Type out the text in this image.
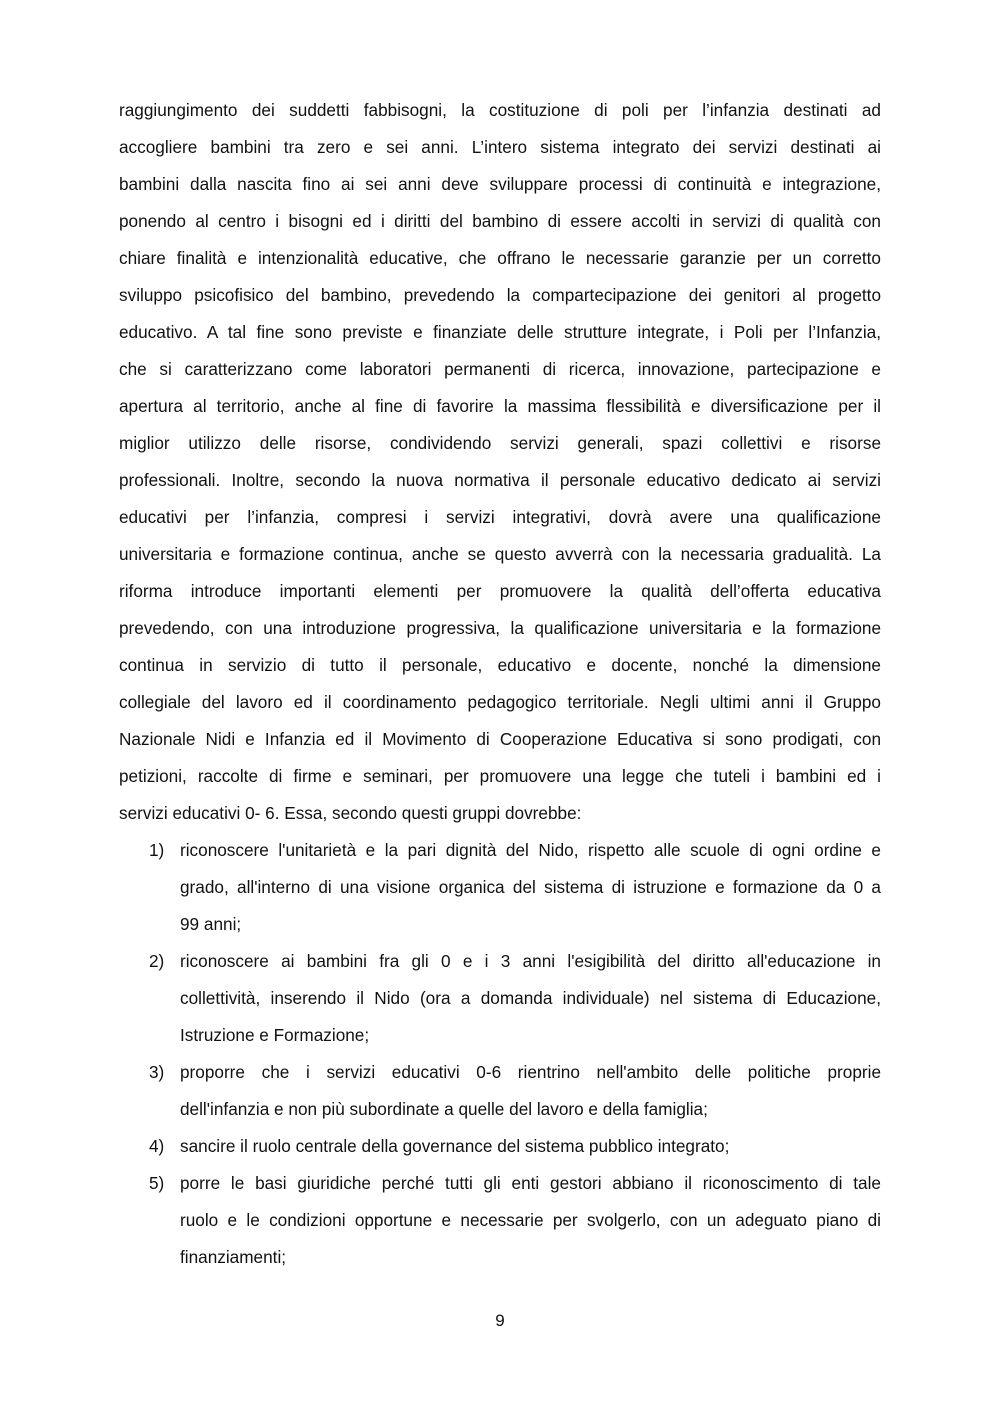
raggiungimento dei suddetti fabbisogni, la costituzione di poli per l’infanzia destinati ad
accogliere bambini tra zero e sei anni. L’intero sistema integrato dei servizi destinati ai
bambini dalla nascita fino ai sei anni deve sviluppare processi di continuità e integrazione,
ponendo al centro i bisogni ed i diritti del bambino di essere accolti in servizi di qualità con
chiare finalità e intenzionalità educative, che offrano le necessarie garanzie per un corretto
sviluppo psicofisico del bambino, prevedendo la compartecipazione dei genitori al progetto
educativo. A tal fine sono previste e finanziate delle strutture integrate, i Poli per l’Infanzia,
che si caratterizzano come laboratori permanenti di ricerca, innovazione, partecipazione e
apertura al territorio, anche al fine di favorire la massima flessibilità e diversificazione per il
miglior utilizzo delle risorse, condividendo servizi generali, spazi collettivi e risorse
professionali. Inoltre, secondo la nuova normativa il personale educativo dedicato ai servizi
educativi per l’infanzia, compresi i servizi integrativi, dovrà avere una qualificazione
universitaria e formazione continua, anche se questo avverrà con la necessaria gradualità. La
riforma introduce importanti elementi per promuovere la qualità dell’offerta educativa
prevedendo, con una introduzione progressiva, la qualificazione universitaria e la formazione
continua in servizio di tutto il personale, educativo e docente, nonché la dimensione
collegiale del lavoro ed il coordinamento pedagogico territoriale. Negli ultimi anni il Gruppo
Nazionale Nidi e Infanzia ed il Movimento di Cooperazione Educativa si sono prodigati, con
petizioni, raccolte di firme e seminari, per promuovere una legge che tuteli i bambini ed i
servizi educativi 0- 6. Essa, secondo questi gruppi dovrebbe:
1) riconoscere l'unitarietà e la pari dignità del Nido, rispetto alle scuole di ogni ordine e
grado, all'interno di una visione organica del sistema di istruzione e formazione da 0 a
99 anni;
2) riconoscere ai bambini fra gli 0 e i 3 anni l'esigibilità del diritto all'educazione in
collettività, inserendo il Nido (ora a domanda individuale) nel sistema di Educazione,
Istruzione e Formazione;
3) proporre che i servizi educativi 0-6 rientrino nell'ambito delle politiche proprie
dell'infanzia e non più subordinate a quelle del lavoro e della famiglia;
4) sancire il ruolo centrale della governance del sistema pubblico integrato;
5) porre le basi giuridiche perché tutti gli enti gestori abbiano il riconoscimento di tale
ruolo e le condizioni opportune e necessarie per svolgerlo, con un adeguato piano di
finanziamenti;
9
